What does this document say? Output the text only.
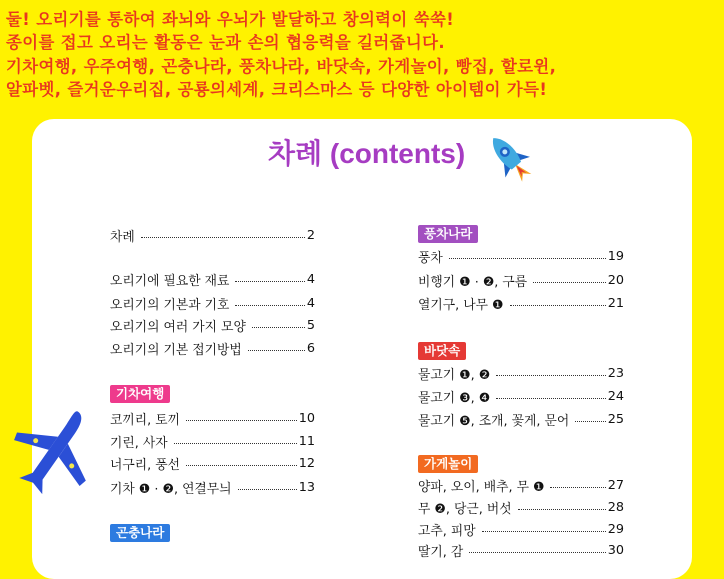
둘! 오리기를 통하여 좌뇌와 우뇌가 발달하고 창의력이 쑥쑥!
종이를 접고 오리는 활동은 눈과 손의 협응력을 길러줍니다.
기차여행, 우주여행, 곤충나라, 풍차나라, 바닷속, 가게놀이, 빵집, 할로윈,
알파벳, 즐거운우리집, 공룡의세계, 크리스마스 등 다양한 아이템이 가득!
차례 (contents)
차례	2
오리기에 필요한 재료	4
오리기의 기본과 기호	4
오리기의 여러 가지 모양	5
오리기의 기본 접기방법	6
기차여행
코끼리, 토끼	10
기린, 사자	11
너구리, 풍선	12
기차 ❶ · ❷, 연결무늬	13
곤충나라
풍차나라
풍차	19
비행기 ❶ · ❷, 구름	20
열기구, 나무 ❶	21
바닷속
물고기 ❶, ❷	23
물고기 ❸, ❹	24
물고기 ❺, 조개, 꽃게, 문어	25
가게놀이
양파, 오이, 배추, 무 ❶	27
무 ❷, 당근, 버섯	28
고추, 피망	29
딸기, 감	30
